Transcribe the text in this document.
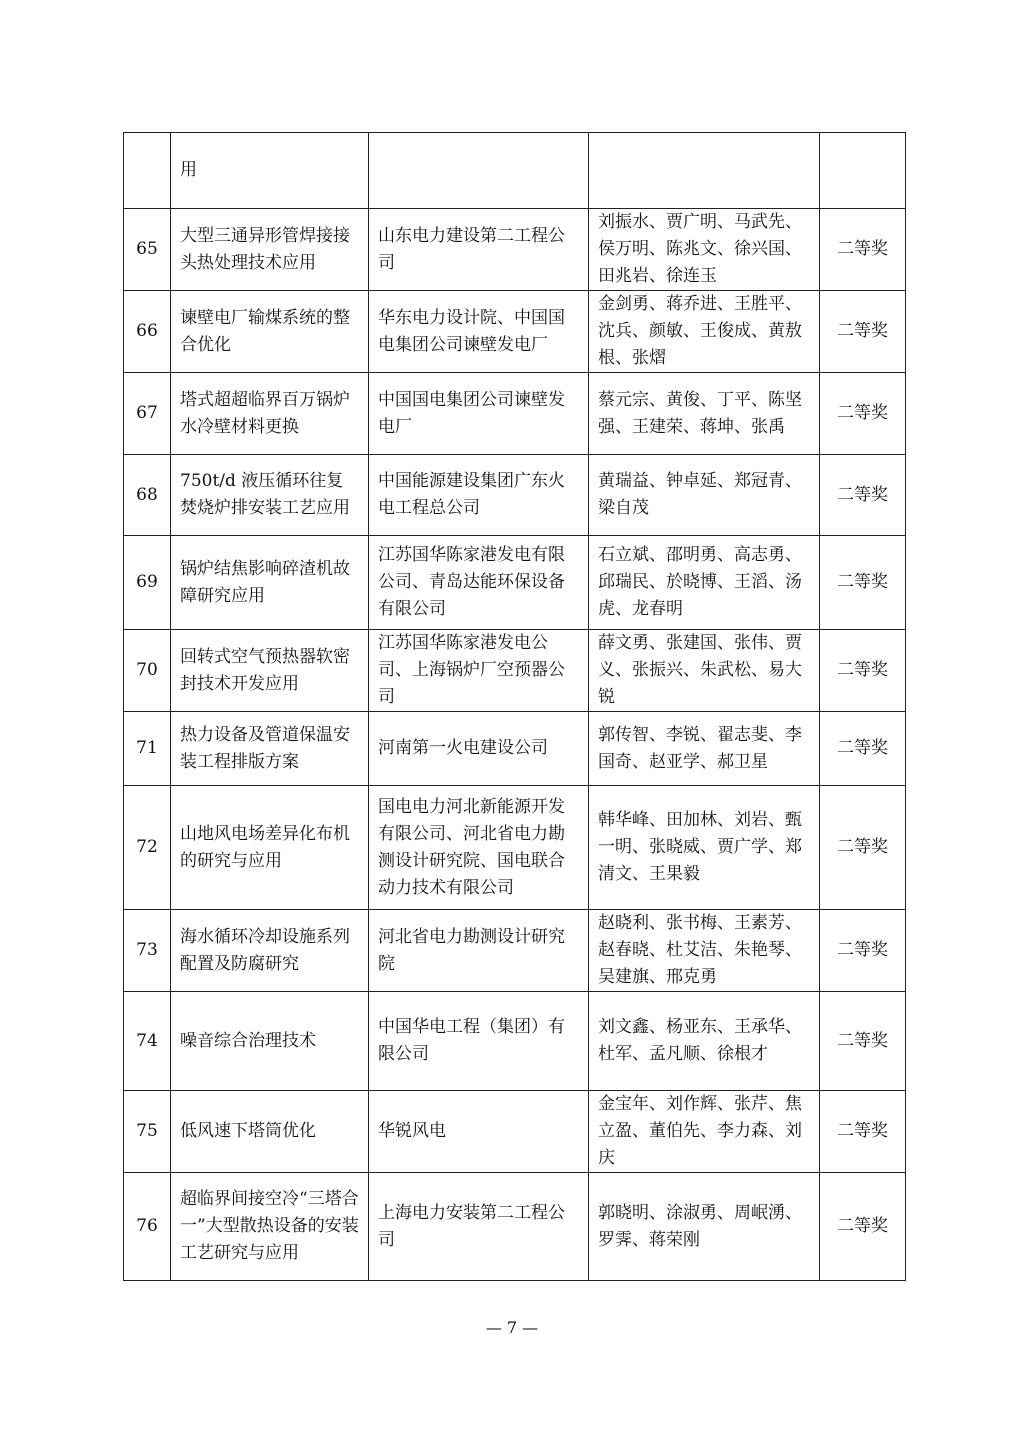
	用			
65	大型三通异形管焊接接头热处理技术应用	山东电力建设第二工程公司	刘振水、贾广明、马武先、侯万明、陈兆文、徐兴国、田兆岩、徐连玉	二等奖
66	谏壁电厂输煤系统的整合优化	华东电力设计院、中国国电集团公司谏壁发电厂	金剑勇、蒋乔进、王胜平、沈兵、颜敏、王俊成、黄敖根、张熠	二等奖
67	塔式超超临界百万锅炉水冷壁材料更换	中国国电集团公司谏壁发电厂	蔡元宗、黄俊、丁平、陈坚强、王建荣、蒋坤、张禹	二等奖
68	750t/d 液压循环往复焚烧炉排安装工艺应用	中国能源建设集团广东火电工程总公司	黄瑞益、钟卓延、郑冠青、梁自茂	二等奖
69	锅炉结焦影响碎渣机故障研究应用	江苏国华陈家港发电有限公司、青岛达能环保设备有限公司	石立斌、邵明勇、高志勇、邱瑞民、於晓博、王滔、汤虎、龙春明	二等奖
70	回转式空气预热器软密封技术开发应用	江苏国华陈家港发电公司、上海锅炉厂空预器公司	薛文勇、张建国、张伟、贾义、张振兴、朱武松、易大锐	二等奖
71	热力设备及管道保温安装工程排版方案	河南第一火电建设公司	郭传智、李锐、翟志斐、李国奇、赵亚学、郝卫星	二等奖
72	山地风电场差异化布机的研究与应用	国电电力河北新能源开发有限公司、河北省电力勘测设计研究院、国电联合动力技术有限公司	韩华峰、田加林、刘岩、甄一明、张晓威、贾广学、郑清文、王果毅	二等奖
73	海水循环冷却设施系列配置及防腐研究	河北省电力勘测设计研究院	赵晓利、张书梅、王素芳、赵春晓、杜艾洁、朱艳琴、吴建旗、邢克勇	二等奖
74	噪音综合治理技术	中国华电工程（集团）有限公司	刘文鑫、杨亚东、王承华、杜军、孟凡顺、徐根才	二等奖
75	低风速下塔筒优化	华锐风电	金宝年、刘作辉、张芹、焦立盈、董伯先、李力森、刘庆	二等奖
76	超临界间接空冷“三塔合一”大型散热设备的安装工艺研究与应用	上海电力安装第二工程公司	郭晓明、涂淑勇、周岷湧、罗霁、蒋荣刚	二等奖
— 7 —
